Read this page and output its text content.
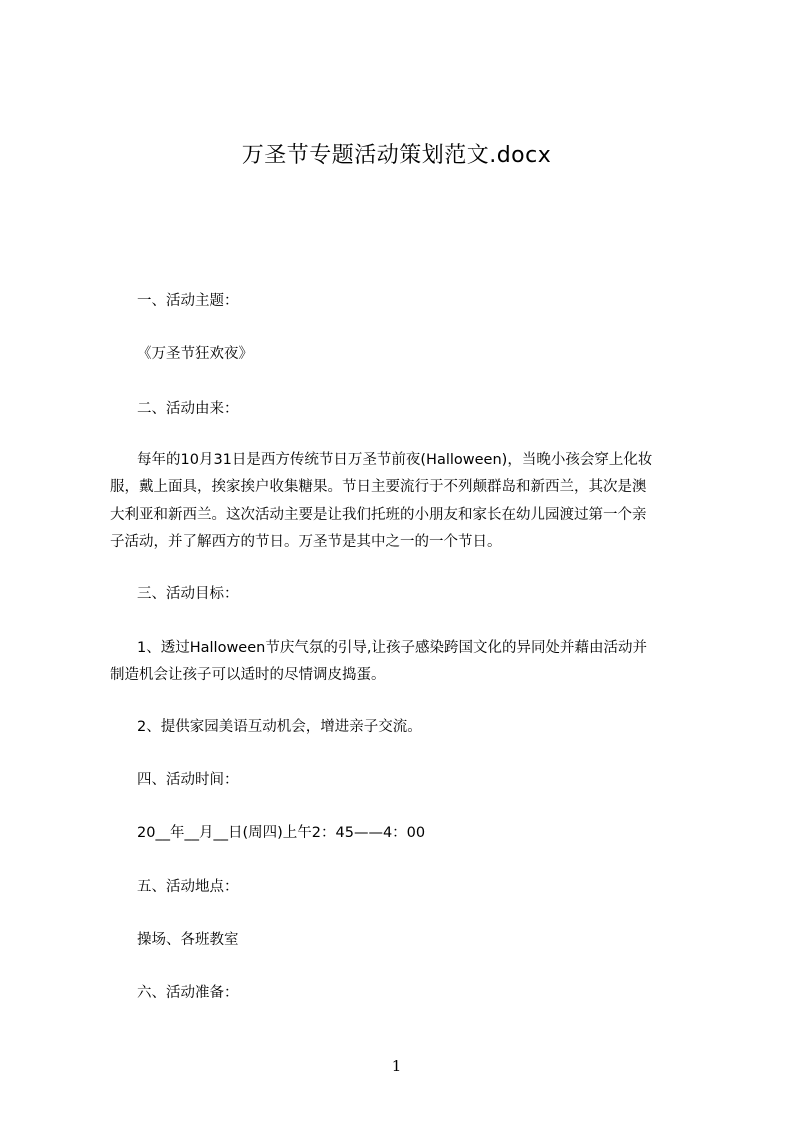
万圣节专题活动策划范文.docx
一、活动主题：
《万圣节狂欢夜》
二、活动由来：
每年的10月31日是西方传统节日万圣节前夜(Halloween)，当晚小孩会穿上化妆
服，戴上面具，挨家挨户收集糖果。节日主要流行于不列颠群岛和新西兰，其次是澳
大利亚和新西兰。这次活动主要是让我们托班的小朋友和家长在幼儿园渡过第一个亲
子活动，并了解西方的节日。万圣节是其中之一的一个节日。
三、活动目标：
1、透过Halloween节庆气氛的引导,让孩子感染跨国文化的异同处并藉由活动并
制造机会让孩子可以适时的尽情调皮捣蛋。
2、提供家园美语互动机会，增进亲子交流。
四、活动时间：
20__年__月__日(周四)上午2：45——4：00
五、活动地点：
操场、各班教室
六、活动准备：
1
